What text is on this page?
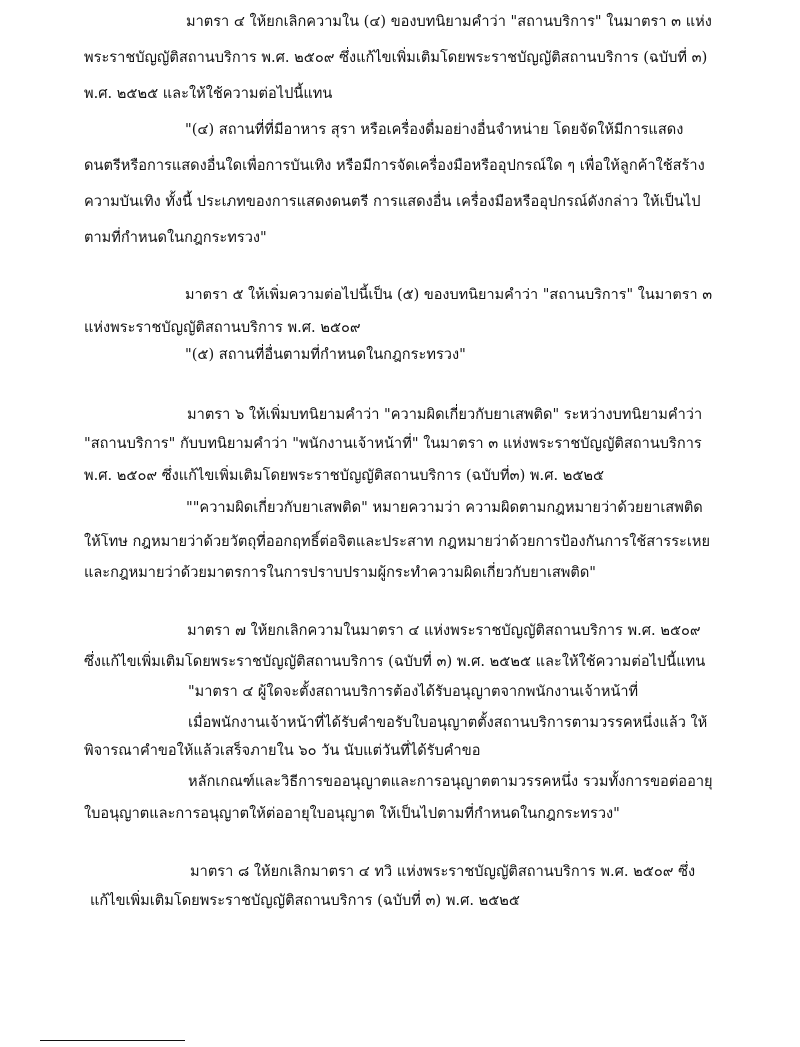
มาตรา ๔ ให้ยกเลิกความใน (๔) ของบทนิยามคำว่า "สถานบริการ" ในมาตรา ๓ แห่ง
พระราชบัญญัติสถานบริการ พ.ศ. ๒๕๐๙ ซึ่งแก้ไขเพิ่มเติมโดยพระราชบัญญัติสถานบริการ (ฉบับที่ ๓)
พ.ศ. ๒๕๒๕ และให้ใช้ความต่อไปนี้แทน
"(๔) สถานที่ที่มีอาหาร สุรา หรือเครื่องดื่มอย่างอื่นจำหน่าย โดยจัดให้มีการแสดง
ดนตรีหรือการแสดงอื่นใดเพื่อการบันเทิง หรือมีการจัดเครื่องมือหรืออุปกรณ์ใด ๆ เพื่อให้ลูกค้าใช้สร้าง
ความบันเทิง ทั้งนี้ ประเภทของการแสดงดนตรี การแสดงอื่น เครื่องมือหรืออุปกรณ์ดังกล่าว ให้เป็นไป
ตามที่กำหนดในกฎกระทรวง"
มาตรา ๕ ให้เพิ่มความต่อไปนี้เป็น (๕) ของบทนิยามคำว่า "สถานบริการ" ในมาตรา ๓
แห่งพระราชบัญญัติสถานบริการ พ.ศ. ๒๕๐๙
"(๕) สถานที่อื่นตามที่กำหนดในกฎกระทรวง"
มาตรา ๖ ให้เพิ่มบทนิยามคำว่า "ความผิดเกี่ยวกับยาเสพติด" ระหว่างบทนิยามคำว่า
"สถานบริการ" กับบทนิยามคำว่า "พนักงานเจ้าหน้าที่" ในมาตรา ๓ แห่งพระราชบัญญัติสถานบริการ
พ.ศ. ๒๕๐๙ ซึ่งแก้ไขเพิ่มเติมโดยพระราชบัญญัติสถานบริการ (ฉบับที่๓) พ.ศ. ๒๕๒๕
""ความผิดเกี่ยวกับยาเสพติด" หมายความว่า ความผิดตามกฎหมายว่าด้วยยาเสพติด
ให้โทษ กฎหมายว่าด้วยวัตถุที่ออกฤทธิ์ต่อจิตและประสาท กฎหมายว่าด้วยการป้องกันการใช้สารระเหย
และกฎหมายว่าด้วยมาตรการในการปราบปรามผู้กระทำความผิดเกี่ยวกับยาเสพติด"
มาตรา ๗ ให้ยกเลิกความในมาตรา ๔ แห่งพระราชบัญญัติสถานบริการ พ.ศ. ๒๕๐๙
ซึ่งแก้ไขเพิ่มเติมโดยพระราชบัญญัติสถานบริการ (ฉบับที่ ๓) พ.ศ. ๒๕๒๕ และให้ใช้ความต่อไปนี้แทน
"มาตรา ๔ ผู้ใดจะตั้งสถานบริการต้องได้รับอนุญาตจากพนักงานเจ้าหน้าที่
เมื่อพนักงานเจ้าหน้าที่ได้รับคำขอรับใบอนุญาตตั้งสถานบริการตามวรรคหนึ่งแล้ว ให้
พิจารณาคำขอให้แล้วเสร็จภายใน ๖๐ วัน นับแต่วันที่ได้รับคำขอ
หลักเกณฑ์และวิธีการขออนุญาตและการอนุญาตตามวรรคหนึ่ง รวมทั้งการขอต่ออายุ
ใบอนุญาตและการอนุญาตให้ต่ออายุใบอนุญาต ให้เป็นไปตามที่กำหนดในกฎกระทรวง"
มาตรา ๘ ให้ยกเลิกมาตรา ๔ ทวิ แห่งพระราชบัญญัติสถานบริการ พ.ศ. ๒๕๐๙ ซึ่ง
แก้ไขเพิ่มเติมโดยพระราชบัญญัติสถานบริการ (ฉบับที่ ๓) พ.ศ. ๒๕๒๕
